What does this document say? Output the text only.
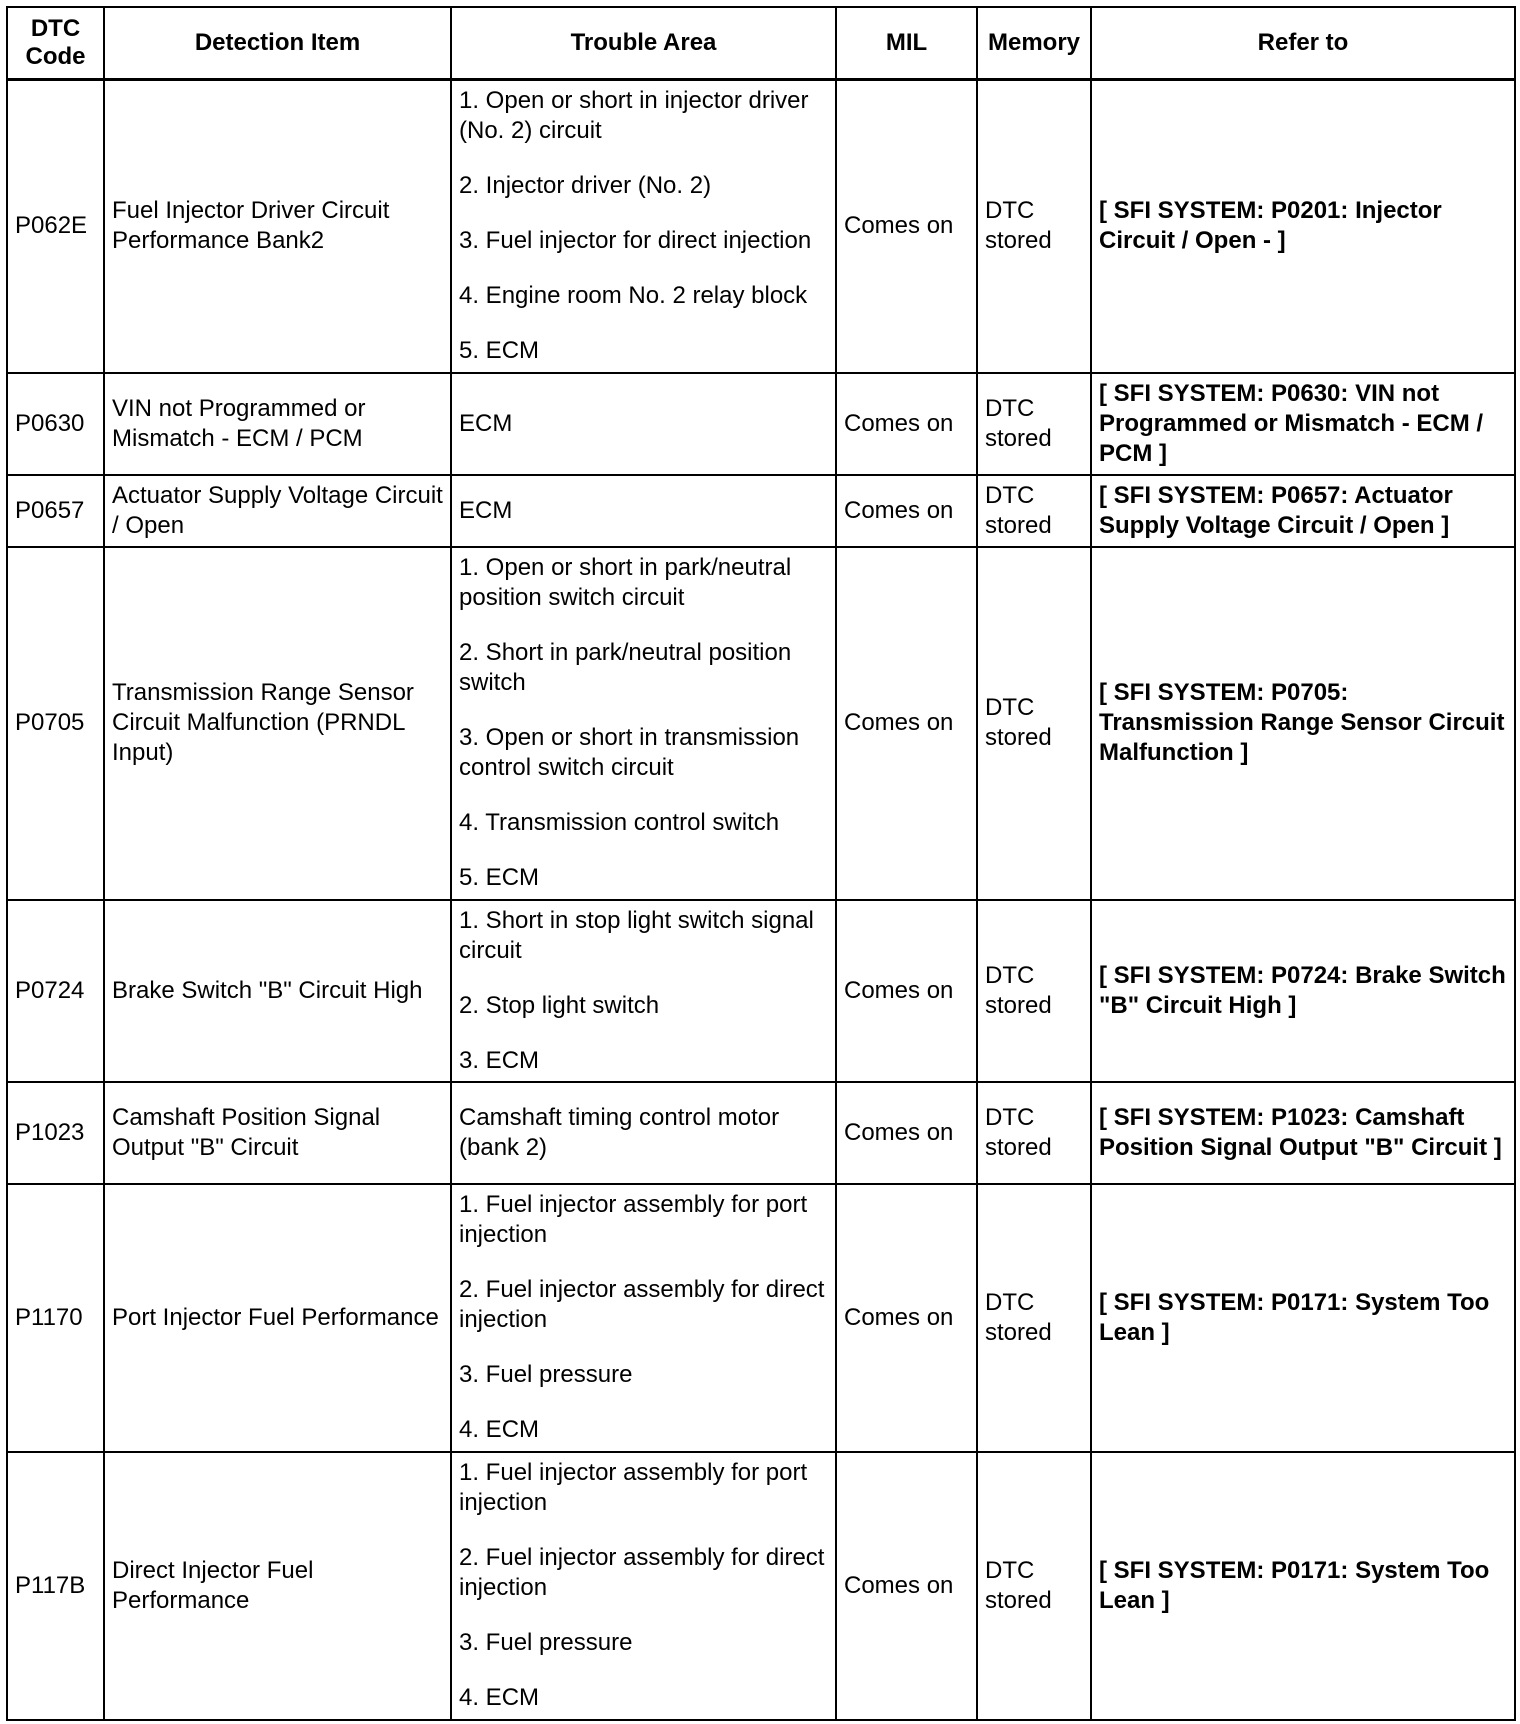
DTC Code	Detection Item	Trouble Area	MIL	Memory	Refer to
P062E	Fuel Injector Driver Circuit Performance Bank2	1. Open or short in injector driver (No. 2) circuit
2. Injector driver (No. 2)
3. Fuel injector for direct injection
4. Engine room No. 2 relay block
5. ECM	Comes on	DTC stored	[ SFI SYSTEM: P0201: Injector Circuit / Open - ]
P0630	VIN not Programmed or Mismatch - ECM / PCM	ECM	Comes on	DTC stored	[ SFI SYSTEM: P0630: VIN not Programmed or Mismatch - ECM / PCM ]
P0657	Actuator Supply Voltage Circuit / Open	ECM	Comes on	DTC stored	[ SFI SYSTEM: P0657: Actuator Supply Voltage Circuit / Open ]
P0705	Transmission Range Sensor Circuit Malfunction (PRNDL Input)	1. Open or short in park/neutral position switch circuit
2. Short in park/neutral position switch
3. Open or short in transmission control switch circuit
4. Transmission control switch
5. ECM	Comes on	DTC stored	[ SFI SYSTEM: P0705: Transmission Range Sensor Circuit Malfunction ]
P0724	Brake Switch "B" Circuit High	1. Short in stop light switch signal circuit
2. Stop light switch
3. ECM	Comes on	DTC stored	[ SFI SYSTEM: P0724: Brake Switch "B" Circuit High ]
P1023	Camshaft Position Signal Output "B" Circuit	Camshaft timing control motor (bank 2)	Comes on	DTC stored	[ SFI SYSTEM: P1023: Camshaft Position Signal Output "B" Circuit ]
P1170	Port Injector Fuel Performance	1. Fuel injector assembly for port injection
2. Fuel injector assembly for direct injection
3. Fuel pressure
4. ECM	Comes on	DTC stored	[ SFI SYSTEM: P0171: System Too Lean ]
P117B	Direct Injector Fuel Performance	1. Fuel injector assembly for port injection
2. Fuel injector assembly for direct injection
3. Fuel pressure
4. ECM	Comes on	DTC stored	[ SFI SYSTEM: P0171: System Too Lean ]
